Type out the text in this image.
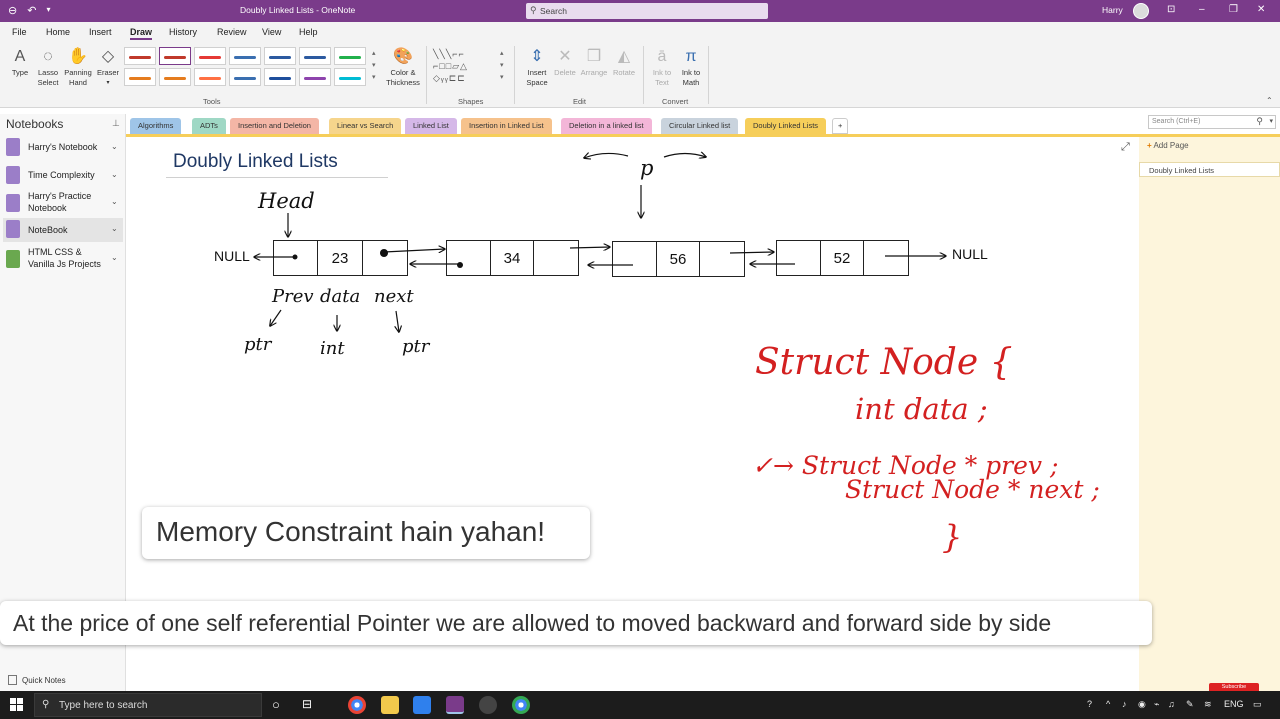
⊖ ↶ ▾	Doubly Linked Lists - OneNote	⚲ Search	Harry	⊡ – ❐ ✕
File Home Insert Draw History Review View Help
A
Type
◌
Lasso Select
✋
Panning Hand
◇
Eraser
▾
▴
▾
▾
🎨
Color & Thickness
Tools
╲╲╲⌐⌐
⌐□□▱△
◇ᵧᵧ⊏⊏
▴
▾
▾
Shapes
⇕
Insert Space
✕
Delete
❒
Arrange
◭
Rotate
Edit
ā
Ink to Text
π
Ink to Math
Convert	⌃
Notebooks	⊥
Harry's Notebook	⌄
Time Complexity	⌄
Harry's Practice Notebook
⌄
NoteBook	⌄
HTML CSS & Vanilla Js Projects
⌄
Quick Notes
Algorithms	ADTs	Insertion and Deletion	Linear vs Search	Linked List	Insertion in Linked List	Deletion in a linked list	Circular Linked list	Doubly Linked Lists	+	Search (Ctrl+E)	⚲ ▾
Doubly Linked Lists
⤢
NULL	NULL
23	34	56	52
Head
p
Prev data next
ptr	int	ptr	Struct Node {
int data ;
✓→ Struct Node * prev ;
Struct Node * next ;
}
+ Add Page
Doubly Linked Lists
Memory Constraint hain yahan!
At the price of one self referential Pointer we are allowed to moved backward and forward side by side
Subscribe
⚲ Type here to search	○ ⊟	? ^ ♪ ◉ ⌁ ♫ ✎ ≋ ENG ▭
